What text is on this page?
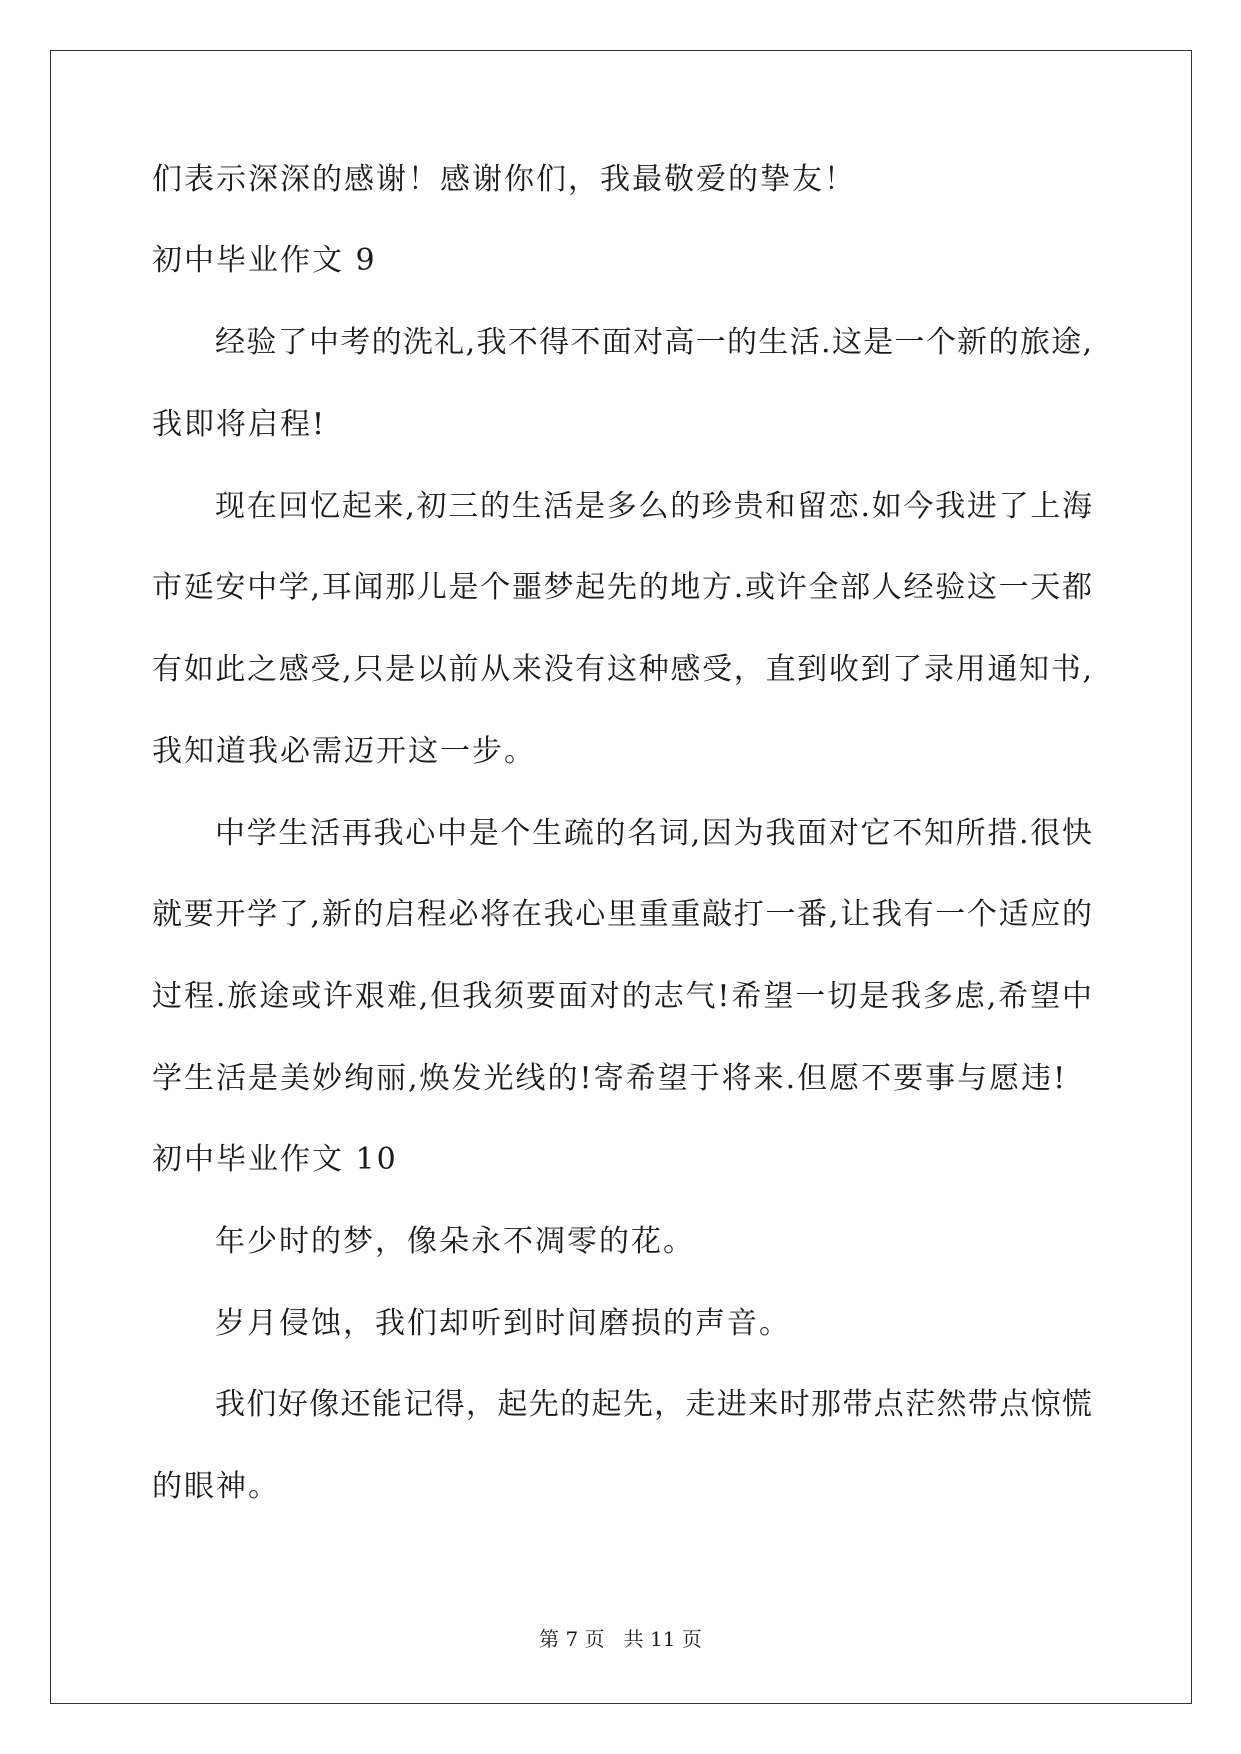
们表示深深的感谢！感谢你们，我最敬爱的挚友！
初中毕业作文 9
经验了中考的洗礼,我不得不面对高一的生活.这是一个新的旅途,
我即将启程!
现在回忆起来,初三的生活是多么的珍贵和留恋.如今我进了上海
市延安中学,耳闻那儿是个噩梦起先的地方.或许全部人经验这一天都
有如此之感受,只是以前从来没有这种感受，直到收到了录用通知书,
我知道我必需迈开这一步。
中学生活再我心中是个生疏的名词,因为我面对它不知所措.很快
就要开学了,新的启程必将在我心里重重敲打一番,让我有一个适应的
过程.旅途或许艰难,但我须要面对的志气!希望一切是我多虑,希望中
学生活是美妙绚丽,焕发光线的!寄希望于将来.但愿不要事与愿违!
初中毕业作文 10
年少时的梦，像朵永不凋零的花。
岁月侵蚀，我们却听到时间磨损的声音。
我们好像还能记得，起先的起先，走进来时那带点茫然带点惊慌
的眼神。
第 7 页 共 11 页
